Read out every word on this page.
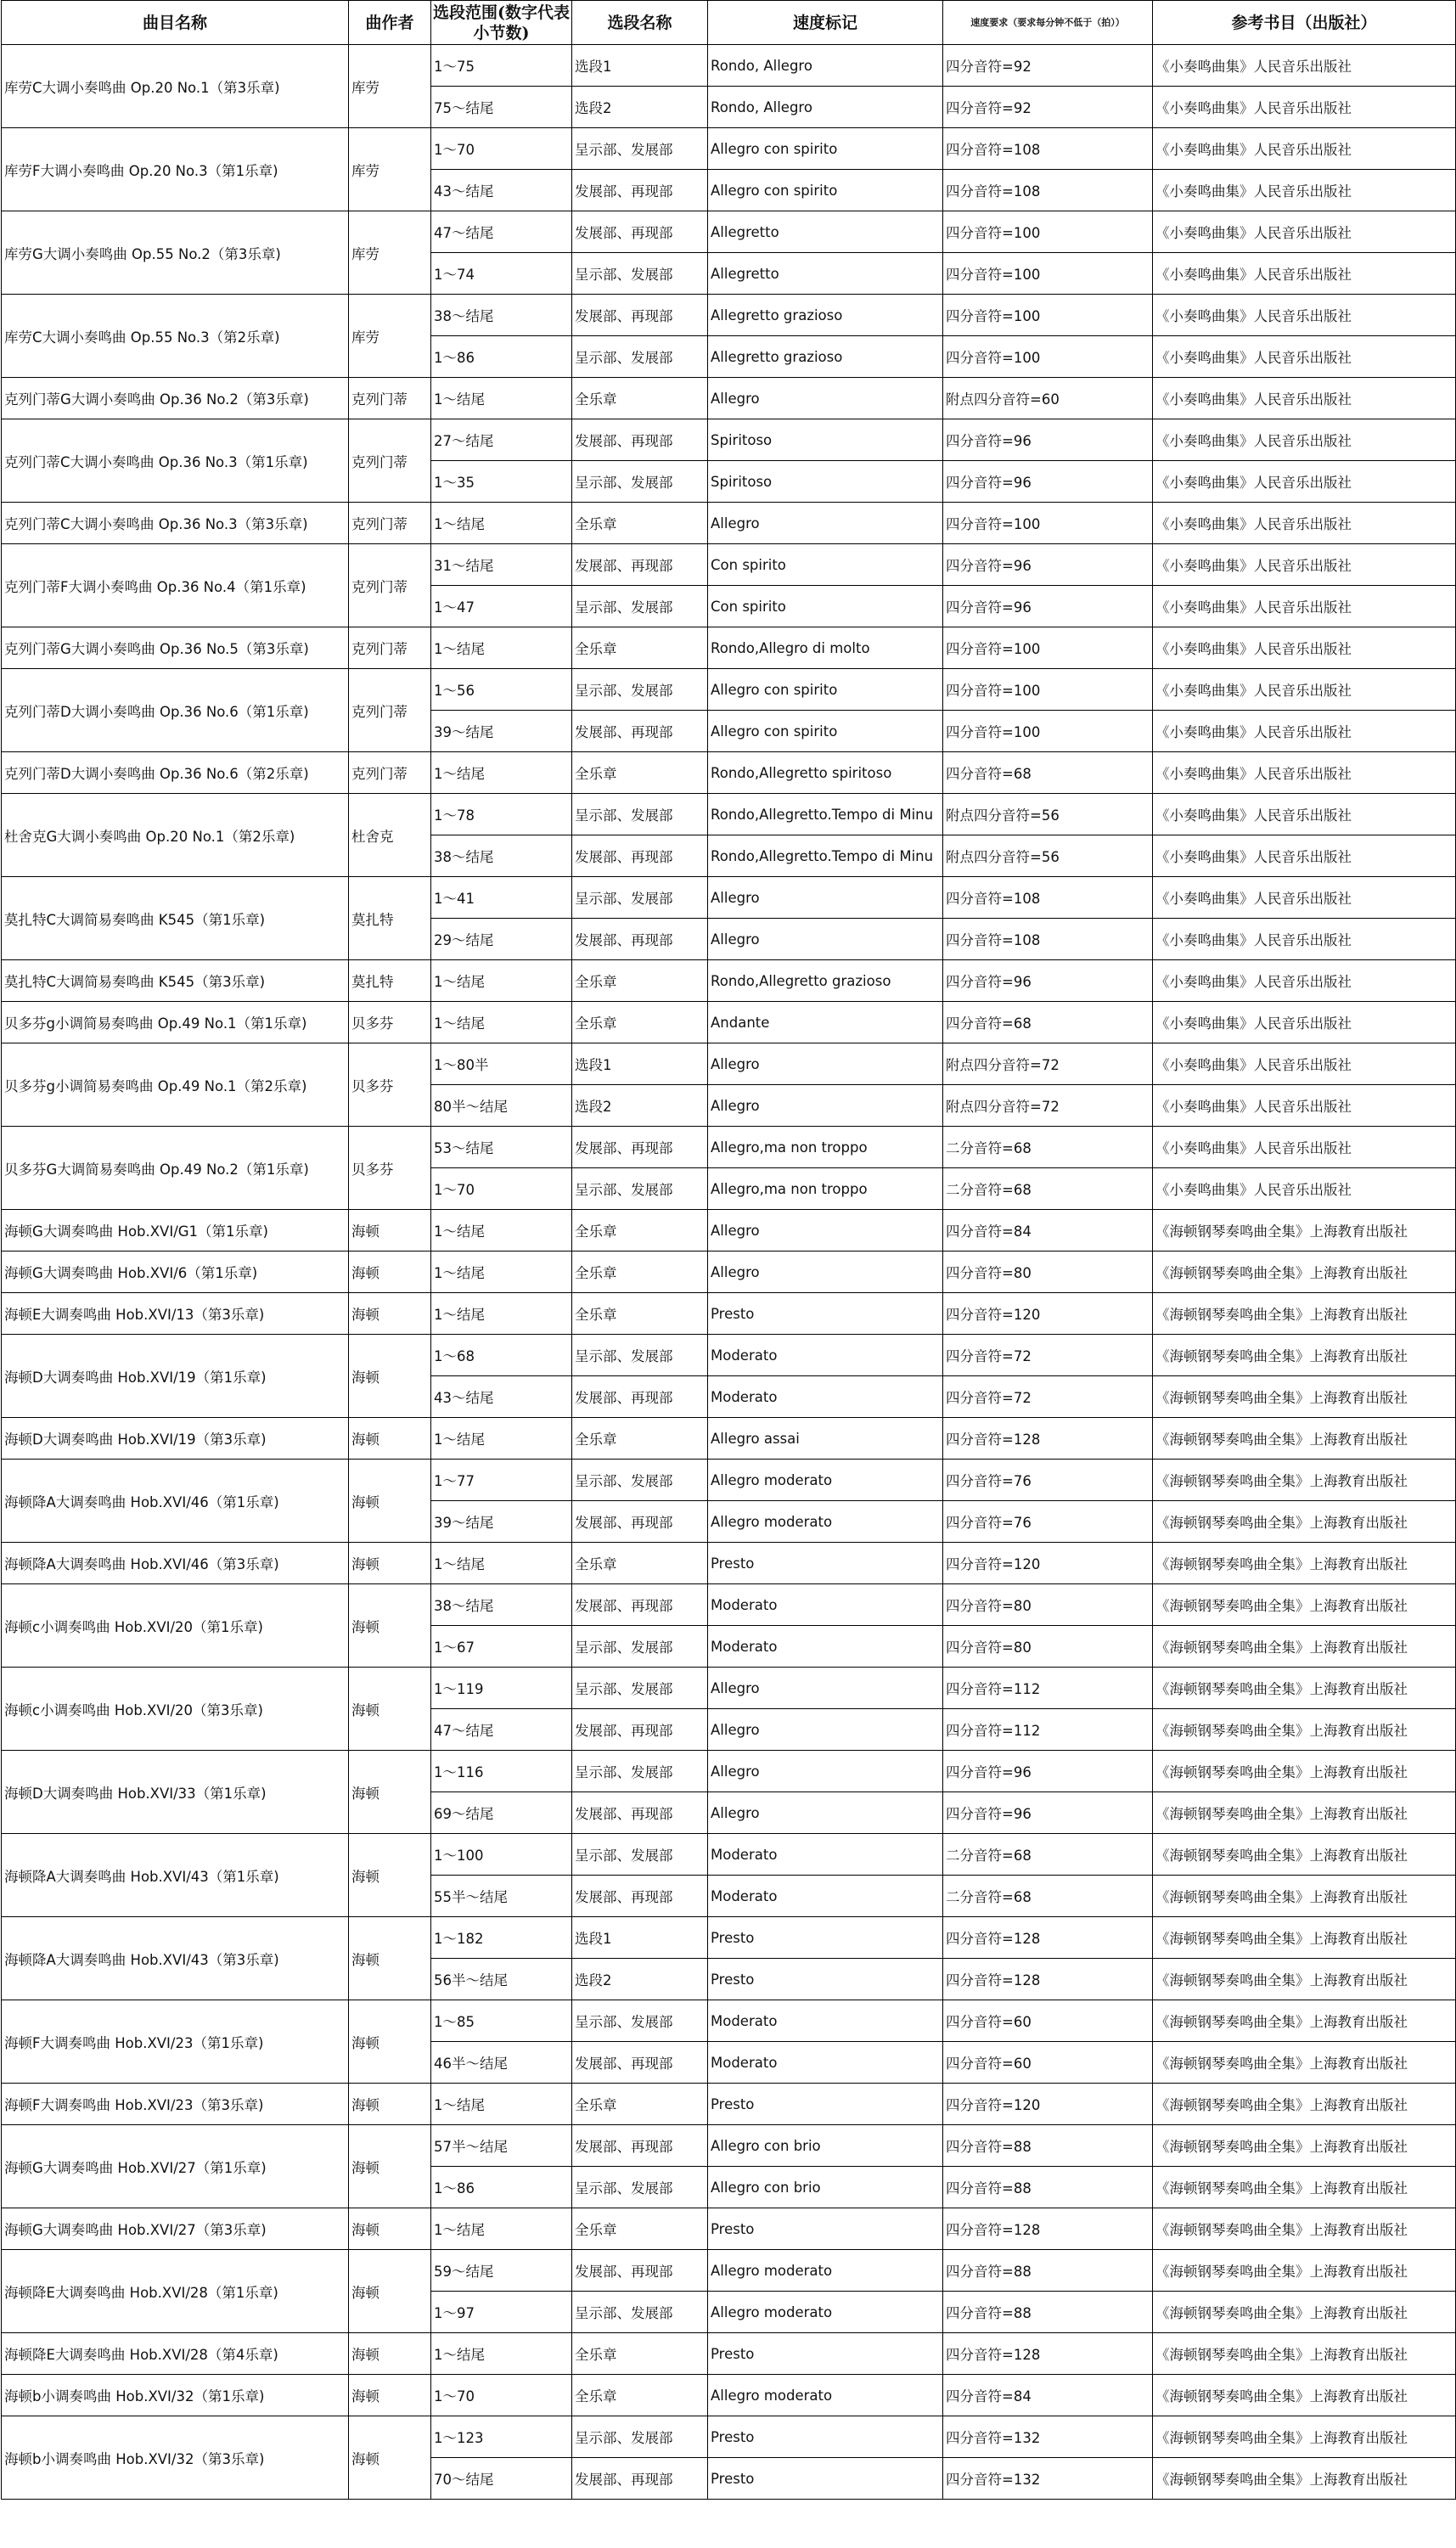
曲目名称	曲作者	选段范围(数字代表小节数)	选段名称	速度标记	速度要求（要求每分钟不低于（拍））	参考书目（出版社）
库劳C大调小奏鸣曲 Op.20 No.1（第3乐章)	库劳	1～75	选段1	Rondo, Allegro	四分音符=92	《小奏鸣曲集》人民音乐出版社
		75～结尾	选段2	Rondo, Allegro	四分音符=92	《小奏鸣曲集》人民音乐出版社
库劳F大调小奏鸣曲 Op.20 No.3（第1乐章)	库劳	1～70	呈示部、发展部	Allegro con spirito	四分音符=108	《小奏鸣曲集》人民音乐出版社
		43～结尾	发展部、再现部	Allegro con spirito	四分音符=108	《小奏鸣曲集》人民音乐出版社
库劳G大调小奏鸣曲 Op.55 No.2（第3乐章)	库劳	47～结尾	发展部、再现部	Allegretto	四分音符=100	《小奏鸣曲集》人民音乐出版社
		1～74	呈示部、发展部	Allegretto	四分音符=100	《小奏鸣曲集》人民音乐出版社
库劳C大调小奏鸣曲 Op.55 No.3（第2乐章)	库劳	38～结尾	发展部、再现部	Allegretto grazioso	四分音符=100	《小奏鸣曲集》人民音乐出版社
		1～86	呈示部、发展部	Allegretto grazioso	四分音符=100	《小奏鸣曲集》人民音乐出版社
克列门蒂G大调小奏鸣曲 Op.36 No.2（第3乐章)	克列门蒂	1～结尾	全乐章	Allegro	附点四分音符=60	《小奏鸣曲集》人民音乐出版社
克列门蒂C大调小奏鸣曲 Op.36 No.3（第1乐章)	克列门蒂	27～结尾	发展部、再现部	Spiritoso	四分音符=96	《小奏鸣曲集》人民音乐出版社
		1～35	呈示部、发展部	Spiritoso	四分音符=96	《小奏鸣曲集》人民音乐出版社
克列门蒂C大调小奏鸣曲 Op.36 No.3（第3乐章)	克列门蒂	1～结尾	全乐章	Allegro	四分音符=100	《小奏鸣曲集》人民音乐出版社
克列门蒂F大调小奏鸣曲 Op.36 No.4（第1乐章)	克列门蒂	31～结尾	发展部、再现部	Con spirito	四分音符=96	《小奏鸣曲集》人民音乐出版社
		1～47	呈示部、发展部	Con spirito	四分音符=96	《小奏鸣曲集》人民音乐出版社
克列门蒂G大调小奏鸣曲 Op.36 No.5（第3乐章)	克列门蒂	1～结尾	全乐章	Rondo,Allegro di molto	四分音符=100	《小奏鸣曲集》人民音乐出版社
克列门蒂D大调小奏鸣曲 Op.36 No.6（第1乐章)	克列门蒂	1～56	呈示部、发展部	Allegro con spirito	四分音符=100	《小奏鸣曲集》人民音乐出版社
		39～结尾	发展部、再现部	Allegro con spirito	四分音符=100	《小奏鸣曲集》人民音乐出版社
克列门蒂D大调小奏鸣曲 Op.36 No.6（第2乐章)	克列门蒂	1～结尾	全乐章	Rondo,Allegretto spiritoso	四分音符=68	《小奏鸣曲集》人民音乐出版社
杜舍克G大调小奏鸣曲 Op.20 No.1（第2乐章)	杜舍克	1～78	呈示部、发展部	Rondo,Allegretto.Tempo di Minu	附点四分音符=56	《小奏鸣曲集》人民音乐出版社
		38～结尾	发展部、再现部	Rondo,Allegretto.Tempo di Minu	附点四分音符=56	《小奏鸣曲集》人民音乐出版社
莫扎特C大调简易奏鸣曲 K545（第1乐章)	莫扎特	1～41	呈示部、发展部	Allegro	四分音符=108	《小奏鸣曲集》人民音乐出版社
		29～结尾	发展部、再现部	Allegro	四分音符=108	《小奏鸣曲集》人民音乐出版社
莫扎特C大调简易奏鸣曲 K545（第3乐章)	莫扎特	1～结尾	全乐章	Rondo,Allegretto grazioso	四分音符=96	《小奏鸣曲集》人民音乐出版社
贝多芬g小调简易奏鸣曲 Op.49 No.1（第1乐章)	贝多芬	1～结尾	全乐章	Andante	四分音符=68	《小奏鸣曲集》人民音乐出版社
贝多芬g小调简易奏鸣曲 Op.49 No.1（第2乐章)	贝多芬	1～80半	选段1	Allegro	附点四分音符=72	《小奏鸣曲集》人民音乐出版社
		80半～结尾	选段2	Allegro	附点四分音符=72	《小奏鸣曲集》人民音乐出版社
贝多芬G大调简易奏鸣曲 Op.49 No.2（第1乐章)	贝多芬	53～结尾	发展部、再现部	Allegro,ma non troppo	二分音符=68	《小奏鸣曲集》人民音乐出版社
		1～70	呈示部、发展部	Allegro,ma non troppo	二分音符=68	《小奏鸣曲集》人民音乐出版社
海顿G大调奏鸣曲 Hob.XVI/G1（第1乐章)	海顿	1～结尾	全乐章	Allegro	四分音符=84	《海顿钢琴奏鸣曲全集》上海教育出版社
海顿G大调奏鸣曲 Hob.XVI/6（第1乐章)	海顿	1～结尾	全乐章	Allegro	四分音符=80	《海顿钢琴奏鸣曲全集》上海教育出版社
海顿E大调奏鸣曲 Hob.XVI/13（第3乐章)	海顿	1～结尾	全乐章	Presto	四分音符=120	《海顿钢琴奏鸣曲全集》上海教育出版社
海顿D大调奏鸣曲 Hob.XVI/19（第1乐章)	海顿	1～68	呈示部、发展部	Moderato	四分音符=72	《海顿钢琴奏鸣曲全集》上海教育出版社
		43～结尾	发展部、再现部	Moderato	四分音符=72	《海顿钢琴奏鸣曲全集》上海教育出版社
海顿D大调奏鸣曲 Hob.XVI/19（第3乐章)	海顿	1～结尾	全乐章	Allegro assai	四分音符=128	《海顿钢琴奏鸣曲全集》上海教育出版社
海顿降A大调奏鸣曲 Hob.XVI/46（第1乐章)	海顿	1～77	呈示部、发展部	Allegro moderato	四分音符=76	《海顿钢琴奏鸣曲全集》上海教育出版社
		39～结尾	发展部、再现部	Allegro moderato	四分音符=76	《海顿钢琴奏鸣曲全集》上海教育出版社
海顿降A大调奏鸣曲 Hob.XVI/46（第3乐章)	海顿	1～结尾	全乐章	Presto	四分音符=120	《海顿钢琴奏鸣曲全集》上海教育出版社
海顿c小调奏鸣曲 Hob.XVI/20（第1乐章)	海顿	38～结尾	发展部、再现部	Moderato	四分音符=80	《海顿钢琴奏鸣曲全集》上海教育出版社
		1～67	呈示部、发展部	Moderato	四分音符=80	《海顿钢琴奏鸣曲全集》上海教育出版社
海顿c小调奏鸣曲 Hob.XVI/20（第3乐章)	海顿	1～119	呈示部、发展部	Allegro	四分音符=112	《海顿钢琴奏鸣曲全集》上海教育出版社
		47～结尾	发展部、再现部	Allegro	四分音符=112	《海顿钢琴奏鸣曲全集》上海教育出版社
海顿D大调奏鸣曲 Hob.XVI/33（第1乐章)	海顿	1～116	呈示部、发展部	Allegro	四分音符=96	《海顿钢琴奏鸣曲全集》上海教育出版社
		69～结尾	发展部、再现部	Allegro	四分音符=96	《海顿钢琴奏鸣曲全集》上海教育出版社
海顿降A大调奏鸣曲 Hob.XVI/43（第1乐章)	海顿	1～100	呈示部、发展部	Moderato	二分音符=68	《海顿钢琴奏鸣曲全集》上海教育出版社
		55半～结尾	发展部、再现部	Moderato	二分音符=68	《海顿钢琴奏鸣曲全集》上海教育出版社
海顿降A大调奏鸣曲 Hob.XVI/43（第3乐章)	海顿	1～182	选段1	Presto	四分音符=128	《海顿钢琴奏鸣曲全集》上海教育出版社
		56半～结尾	选段2	Presto	四分音符=128	《海顿钢琴奏鸣曲全集》上海教育出版社
海顿F大调奏鸣曲 Hob.XVI/23（第1乐章)	海顿	1～85	呈示部、发展部	Moderato	四分音符=60	《海顿钢琴奏鸣曲全集》上海教育出版社
		46半～结尾	发展部、再现部	Moderato	四分音符=60	《海顿钢琴奏鸣曲全集》上海教育出版社
海顿F大调奏鸣曲 Hob.XVI/23（第3乐章)	海顿	1～结尾	全乐章	Presto	四分音符=120	《海顿钢琴奏鸣曲全集》上海教育出版社
海顿G大调奏鸣曲 Hob.XVI/27（第1乐章)	海顿	57半～结尾	发展部、再现部	Allegro con brio	四分音符=88	《海顿钢琴奏鸣曲全集》上海教育出版社
		1～86	呈示部、发展部	Allegro con brio	四分音符=88	《海顿钢琴奏鸣曲全集》上海教育出版社
海顿G大调奏鸣曲 Hob.XVI/27（第3乐章)	海顿	1～结尾	全乐章	Presto	四分音符=128	《海顿钢琴奏鸣曲全集》上海教育出版社
海顿降E大调奏鸣曲 Hob.XVI/28（第1乐章)	海顿	59～结尾	发展部、再现部	Allegro moderato	四分音符=88	《海顿钢琴奏鸣曲全集》上海教育出版社
		1～97	呈示部、发展部	Allegro moderato	四分音符=88	《海顿钢琴奏鸣曲全集》上海教育出版社
海顿降E大调奏鸣曲 Hob.XVI/28（第4乐章)	海顿	1～结尾	全乐章	Presto	四分音符=128	《海顿钢琴奏鸣曲全集》上海教育出版社
海顿b小调奏鸣曲 Hob.XVI/32（第1乐章)	海顿	1～70	全乐章	Allegro moderato	四分音符=84	《海顿钢琴奏鸣曲全集》上海教育出版社
海顿b小调奏鸣曲 Hob.XVI/32（第3乐章)	海顿	1～123	呈示部、发展部	Presto	四分音符=132	《海顿钢琴奏鸣曲全集》上海教育出版社
		70～结尾	发展部、再现部	Presto	四分音符=132	《海顿钢琴奏鸣曲全集》上海教育出版社
